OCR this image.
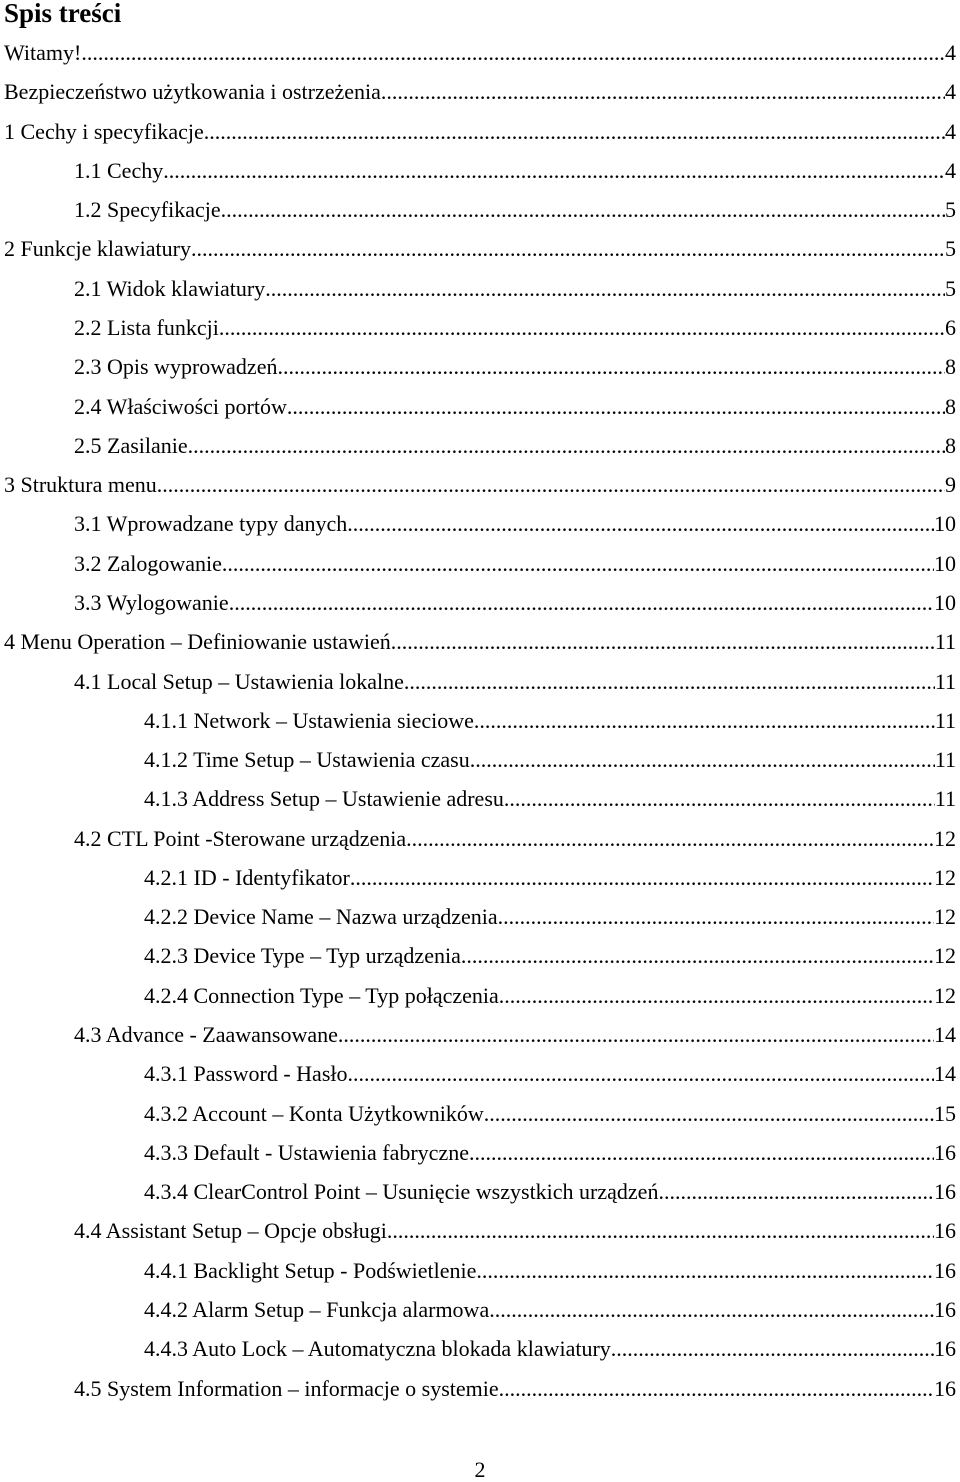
Spis treści
Witamy! .....	4
Bezpieczeństwo użytkowania i ostrzeżenia .....	4
1 Cechy i specyfikacje .....	4
1.1 Cechy .....	4
1.2 Specyfikacje .....	5
2 Funkcje klawiatury .....	5
2.1 Widok klawiatury .....	5
2.2 Lista funkcji .....	6
2.3 Opis wyprowadzeń .....	8
2.4 Właściwości portów .....	8
2.5 Zasilanie .....	8
3 Struktura menu .....	9
3.1 Wprowadzane typy danych .....	10
3.2 Zalogowanie .....	10
3.3 Wylogowanie .....	10
4 Menu Operation – Definiowanie ustawień .....	11
4.1 Local Setup – Ustawienia lokalne .....	11
4.1.1 Network – Ustawienia sieciowe .....	11
4.1.2 Time Setup – Ustawienia czasu .....	11
4.1.3 Address Setup – Ustawienie adresu .....	11
4.2 CTL Point -Sterowane urządzenia .....	12
4.2.1 ID - Identyfikator .....	12
4.2.2 Device Name – Nazwa urządzenia .....	12
4.2.3 Device Type – Typ urządzenia .....	12
4.2.4 Connection Type – Typ połączenia .....	12
4.3 Advance - Zaawansowane .....	14
4.3.1 Password - Hasło .....	14
4.3.2 Account – Konta Użytkowników .....	15
4.3.3 Default - Ustawienia fabryczne .....	16
4.3.4 ClearControl Point – Usunięcie wszystkich urządzeń .....	16
4.4 Assistant Setup – Opcje obsługi .....	16
4.4.1 Backlight Setup - Podświetlenie .....	16
4.4.2 Alarm Setup – Funkcja alarmowa .....	16
4.4.3 Auto Lock – Automatyczna blokada klawiatury .....	16
4.5 System Information – informacje o systemie .....	16
2
